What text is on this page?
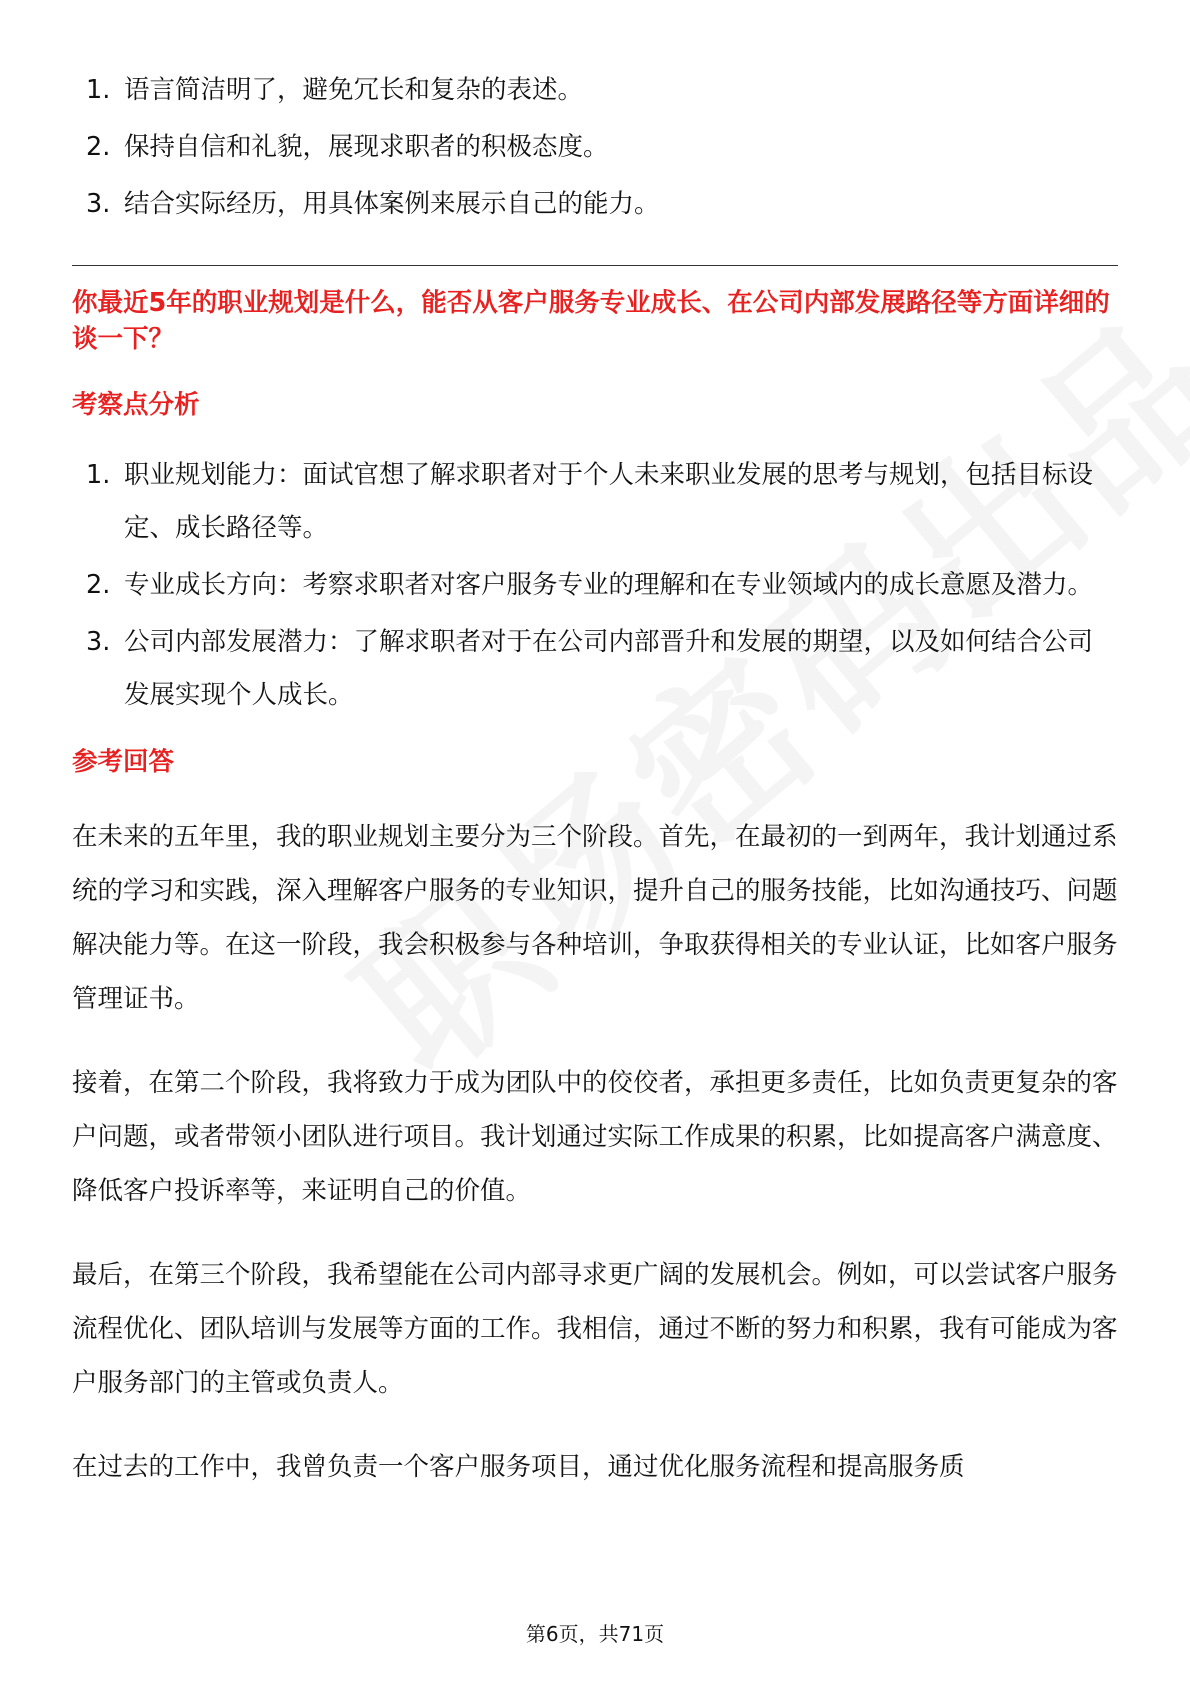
1. 语言简洁明了，避免冗长和复杂的表述。
2. 保持自信和礼貌，展现求职者的积极态度。
3. 结合实际经历，用具体案例来展示自己的能力。
你最近5年的职业规划是什么，能否从客户服务专业成长、在公司内部发展路径等方面详细的谈一下？
考察点分析
1. 职业规划能力：面试官想了解求职者对于个人未来职业发展的思考与规划，包括目标设定、成长路径等。
2. 专业成长方向：考察求职者对客户服务专业的理解和在专业领域内的成长意愿及潜力。
3. 公司内部发展潜力：了解求职者对于在公司内部晋升和发展的期望，以及如何结合公司发展实现个人成长。
参考回答

在未来的五年里，我的职业规划主要分为三个阶段。首先，在最初的一到两年，我计划通过系统的学习和实践，深入理解客户服务的专业知识，提升自己的服务技能，比如沟通技巧、问题解决能力等。在这一阶段，我会积极参与各种培训，争取获得相关的专业认证，比如客户服务管理证书。

接着，在第二个阶段，我将致力于成为团队中的佼佼者，承担更多责任，比如负责更复杂的客户问题，或者带领小团队进行项目。我计划通过实际工作成果的积累，比如提高客户满意度、降低客户投诉率等，来证明自己的价值。

最后，在第三个阶段，我希望能在公司内部寻求更广阔的发展机会。例如，可以尝试客户服务流程优化、团队培训与发展等方面的工作。我相信，通过不断的努力和积累，我有可能成为客户服务部门的主管或负责人。

在过去的工作中，我曾负责一个客户服务项目，通过优化服务流程和提高服务质

第6页，共71页
